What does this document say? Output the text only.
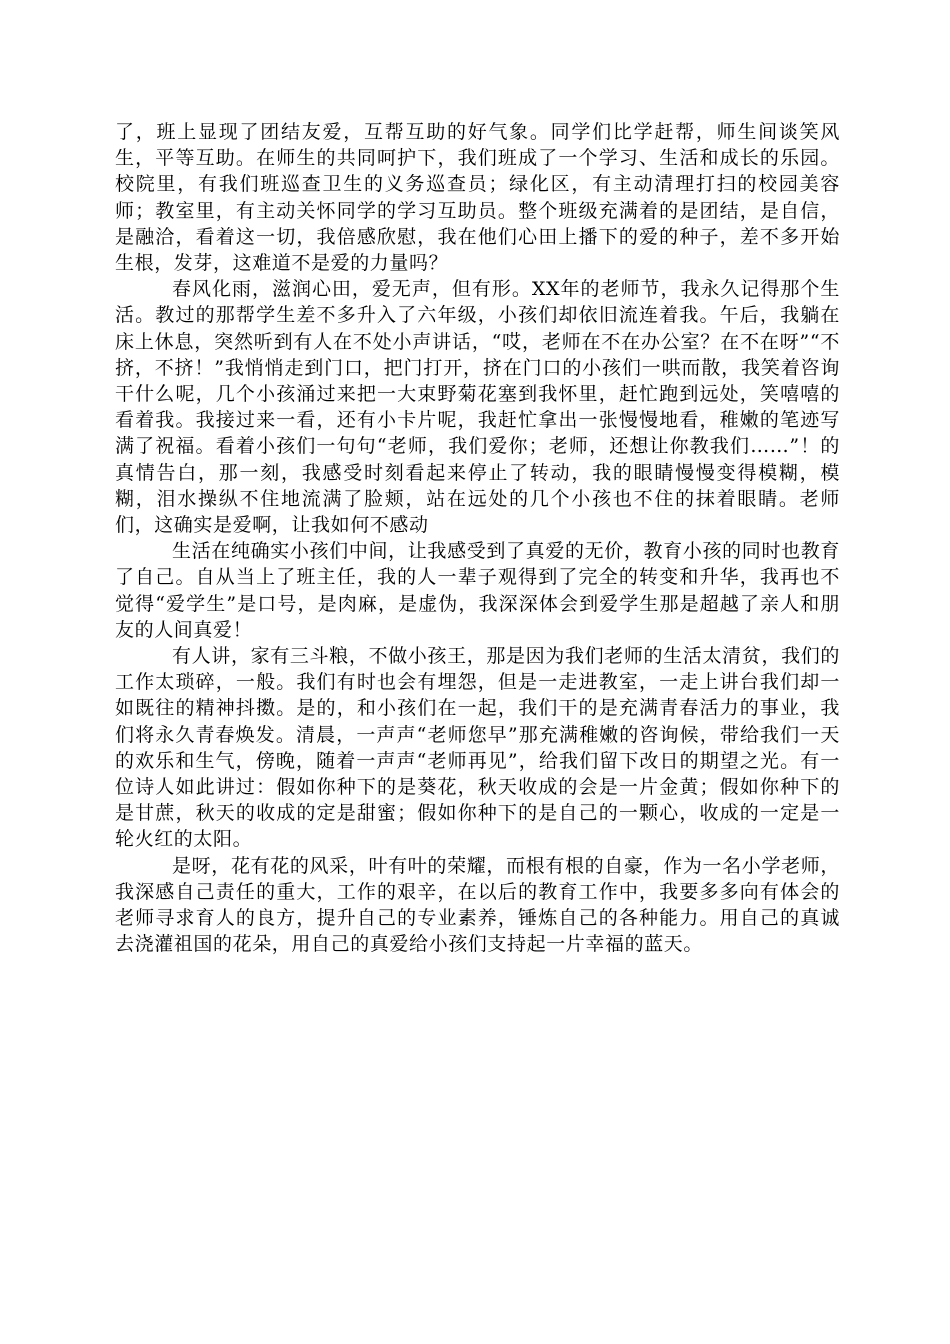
了，班上显现了团结友爱，互帮互助的好气象。同学们比学赶帮，师生间谈笑风生，平等互助。在师生的共同呵护下，我们班成了一个学习、生活和成长的乐园。校院里，有我们班巡查卫生的义务巡查员；绿化区，有主动清理打扫的校园美容师；教室里，有主动关怀同学的学习互助员。整个班级充满着的是团结，是自信，是融洽，看着这一切，我倍感欣慰，我在他们心田上播下的爱的种子，差不多开始生根，发芽，这难道不是爱的力量吗？

春风化雨，滋润心田，爱无声，但有形。XX年的老师节，我永久记得那个生活。教过的那帮学生差不多升入了六年级，小孩们却依旧流连着我。午后，我躺在床上休息，突然听到有人在不处小声讲话，“哎，老师在不在办公室？在不在呀”“不挤，不挤！”我悄悄走到门口，把门打开，挤在门口的小孩们一哄而散，我笑着咨询干什么呢，几个小孩涌过来把一大束野菊花塞到我怀里，赶忙跑到远处，笑嘻嘻的看着我。我接过来一看，还有小卡片呢，我赶忙拿出一张慢慢地看，稚嫩的笔迹写满了祝福。看着小孩们一句句“老师，我们爱你；老师，还想让你教我们……”！的真情告白，那一刻，我感受时刻看起来停止了转动，我的眼睛慢慢变得模糊，模糊，泪水操纵不住地流满了脸颊，站在远处的几个小孩也不住的抹着眼睛。老师们，这确实是爱啊，让我如何不感动

生活在纯确实小孩们中间，让我感受到了真爱的无价，教育小孩的同时也教育了自己。自从当上了班主任，我的人一辈子观得到了完全的转变和升华，我再也不觉得“爱学生”是口号，是肉麻，是虚伪，我深深体会到爱学生那是超越了亲人和朋友的人间真爱！

有人讲，家有三斗粮，不做小孩王，那是因为我们老师的生活太清贫，我们的工作太琐碎，一般。我们有时也会有埋怨，但是一走进教室，一走上讲台我们却一如既往的精神抖擞。是的，和小孩们在一起，我们干的是充满青春活力的事业，我们将永久青春焕发。清晨，一声声“老师您早”那充满稚嫩的咨询候，带给我们一天的欢乐和生气，傍晚，随着一声声“老师再见”，给我们留下改日的期望之光。有一位诗人如此讲过：假如你种下的是葵花，秋天收成的会是一片金黄；假如你种下的是甘蔗，秋天的收成的定是甜蜜；假如你种下的是自己的一颗心，收成的一定是一轮火红的太阳。

是呀，花有花的风采，叶有叶的荣耀，而根有根的自豪，作为一名小学老师，我深感自己责任的重大，工作的艰辛，在以后的教育工作中，我要多多向有体会的老师寻求育人的良方，提升自己的专业素养，锤炼自己的各种能力。用自己的真诚去浇灌祖国的花朵，用自己的真爱给小孩们支持起一片幸福的蓝天。
